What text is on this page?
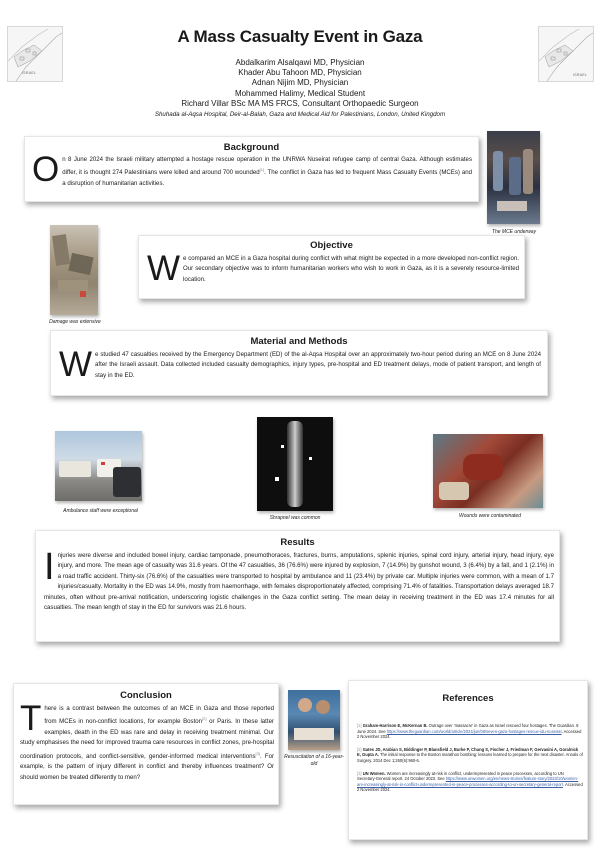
ISRAEL	ISRAEL
A Mass Casualty Event in Gaza
Abdalkarim Alsalqawi MD, Physician
Khader Abu Tahoon MD, Physician
Adnan Nijim MD, Physician
Mohammed Halimy, Medical Student
Richard Villar BSc MA MS FRCS, Consultant Orthopaedic Surgeon
Shuhada al-Aqsa Hospital, Deir-al-Balah, Gaza and Medical Aid for Palestinians, London, United Kingdom
Background
On 8 June 2024 the Israeli military attempted a hostage rescue operation in the UNRWA Nuseirat refugee camp of central Gaza. Although estimates differ, it is thought 274 Palestinians were killed and around 700 wounded[1]. The conflict in Gaza has led to frequent Mass Casualty Events (MCEs) and a disruption of humanitarian activities.
The MCE underway
Damage was extensive
Objective
We compared an MCE in a Gaza hospital during conflict with what might be expected in a more developed non-conflict region. Our secondary objective was to inform humanitarian workers who wish to work in Gaza, as it is a severely resource-limited location.
Material and Methods
We studied 47 casualties received by the Emergency Department (ED) of the al-Aqsa Hospital over an approximately two-hour period during an MCE on 8 June 2024 after the Israeli assault. Data collected included casualty demographics, injury types, pre-hospital and ED treatment delays, mode of patient transport, and length of stay in the ED.
Ambulance staff were exceptional
Shrapnel was common	Wounds were contaminated
Results
Injuries were diverse and included bowel injury, cardiac tamponade, pneumothoraces, fractures, burns, amputations, splenic injuries, spinal cord injury, arterial injury, head injury, eye injury, and more. The mean age of casualty was 31.6 years. Of the 47 casualties, 36 (76.6%) were injured by explosion, 7 (14.9%) by gunshot wound, 3 (6.4%) by a fall, and 1 (2.1%) in a road traffic accident. Thirty-six (76.6%) of the casualties were transported to hospital by ambulance and 11 (23.4%) by private car. Multiple injuries were common, with a mean of 1.7 injuries/casualty. Mortality in the ED was 14.9%, mostly from haemorrhage, with females disproportionately affected, comprising 71.4% of fatalities. Transportation delays averaged 18.7 minutes, often without pre-arrival notification, underscoring logistic challenges in the Gaza conflict setting. The mean delay in receiving treatment in the ED was 17.4 minutes for all casualties. The mean length of stay in the ED for survivors was 21.6 hours.
Conclusion
There is a contrast between the outcomes of an MCE in Gaza and those reported from MCEs in non-conflict locations, for example Boston[2] or Paris. In these latter examples, death in the ED was rare and delay in receiving treatment minimal. Our study emphasises the need for improved trauma care resources in conflict zones, pre-hospital coordination protocols, and conflict-sensitive, gender-informed medical interventions[3]. For example, is the pattern of injury different in conflict and thereby influences treatment? Or should women be treated differently to men?
Resuscitation of a 16-year-old
References
[1] Graham-Harrison E, McKernan B. Outrage over ‘massacre’ in Gaza as Israel rescued four hostages. The Guardian. 9 June 2024. See https://www.theguardian.com/world/article/2024/jun/08/seven-gaza-hostages-rescue-idu-nuseirat. Accessed 2 November 2024.
[2] Gates JD, Arabian S, Biddinger P, Blansfield J, Burke P, Chung S, Fischer J, Friedman F, Gervasini A, Goralnick E, Gupta A. The initial response to the Boston marathon bombing: lessons learned to prepare for the next disaster. Annals of Surgery. 2014 Dec 1;260(6):960-6.
[3] UN Women. Women are increasingly at-risk in conflict, underrepresented in peace processes, according to UN Secretary-General report. 24 October 2023. See https://www.unwomen.org/en/news-stories/feature-story/2023/10/women-are-increasingly-at-risk-in-conflict-underrepresented-in-peace-processes-according-to-un-secretary-general-report. Accessed 2 November 2024.
